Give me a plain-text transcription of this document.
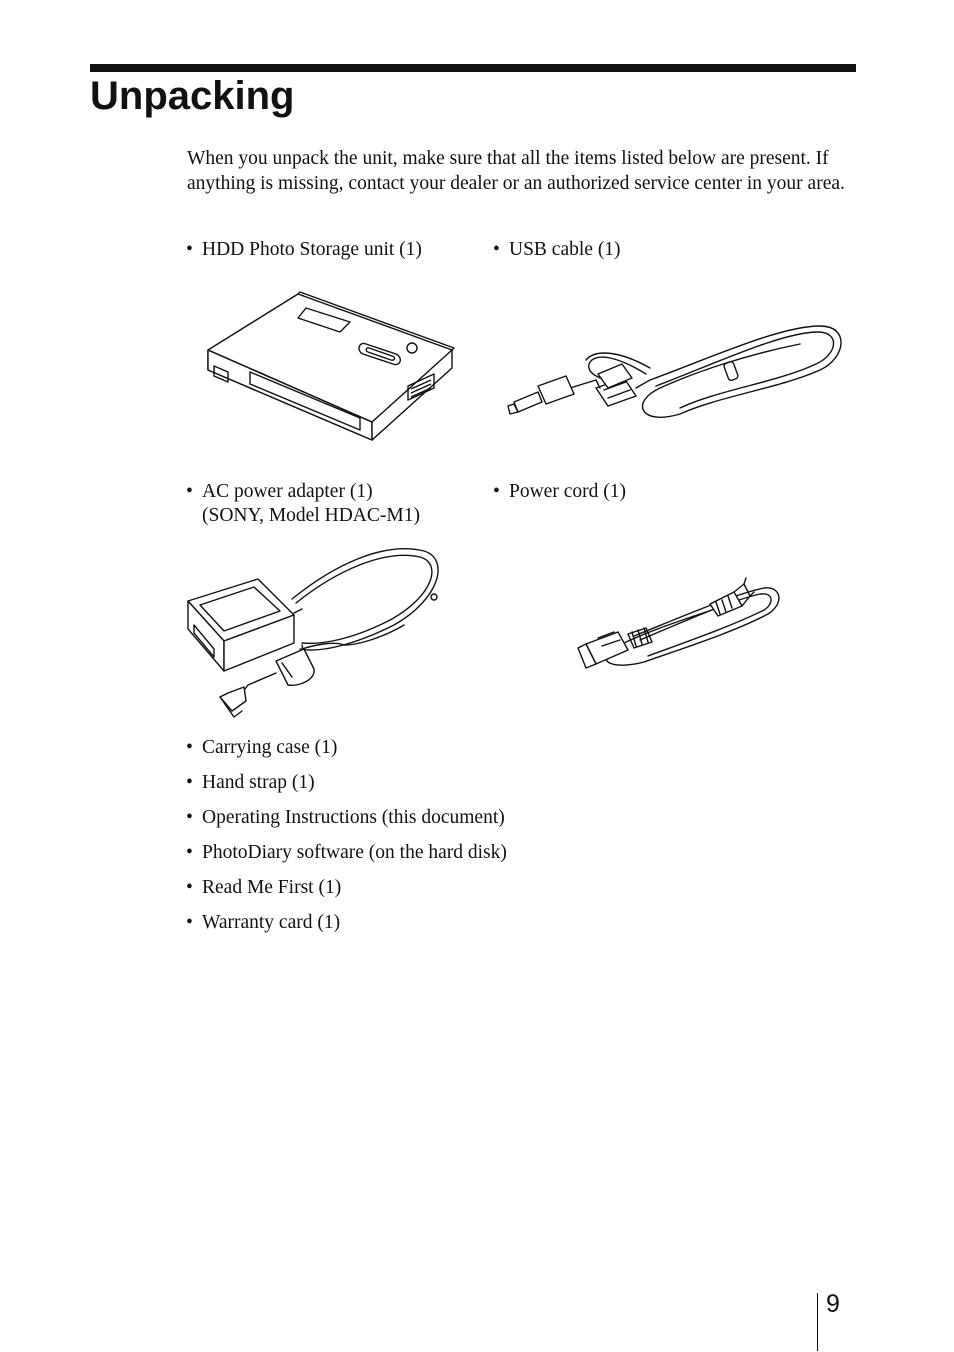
Unpacking

When you unpack the unit, make sure that all the items listed below are present. If anything is missing, contact your dealer or an authorized service center in your area.

• HDD Photo Storage unit (1)	• USB cable (1)
• AC power adapter (1)
(SONY, Model HDAC-M1)
• Power cord (1)
• Carrying case (1)
• Hand strap (1)
• Operating Instructions (this document)
• PhotoDiary software (on the hard disk)
• Read Me First (1)
• Warranty card (1)
9
